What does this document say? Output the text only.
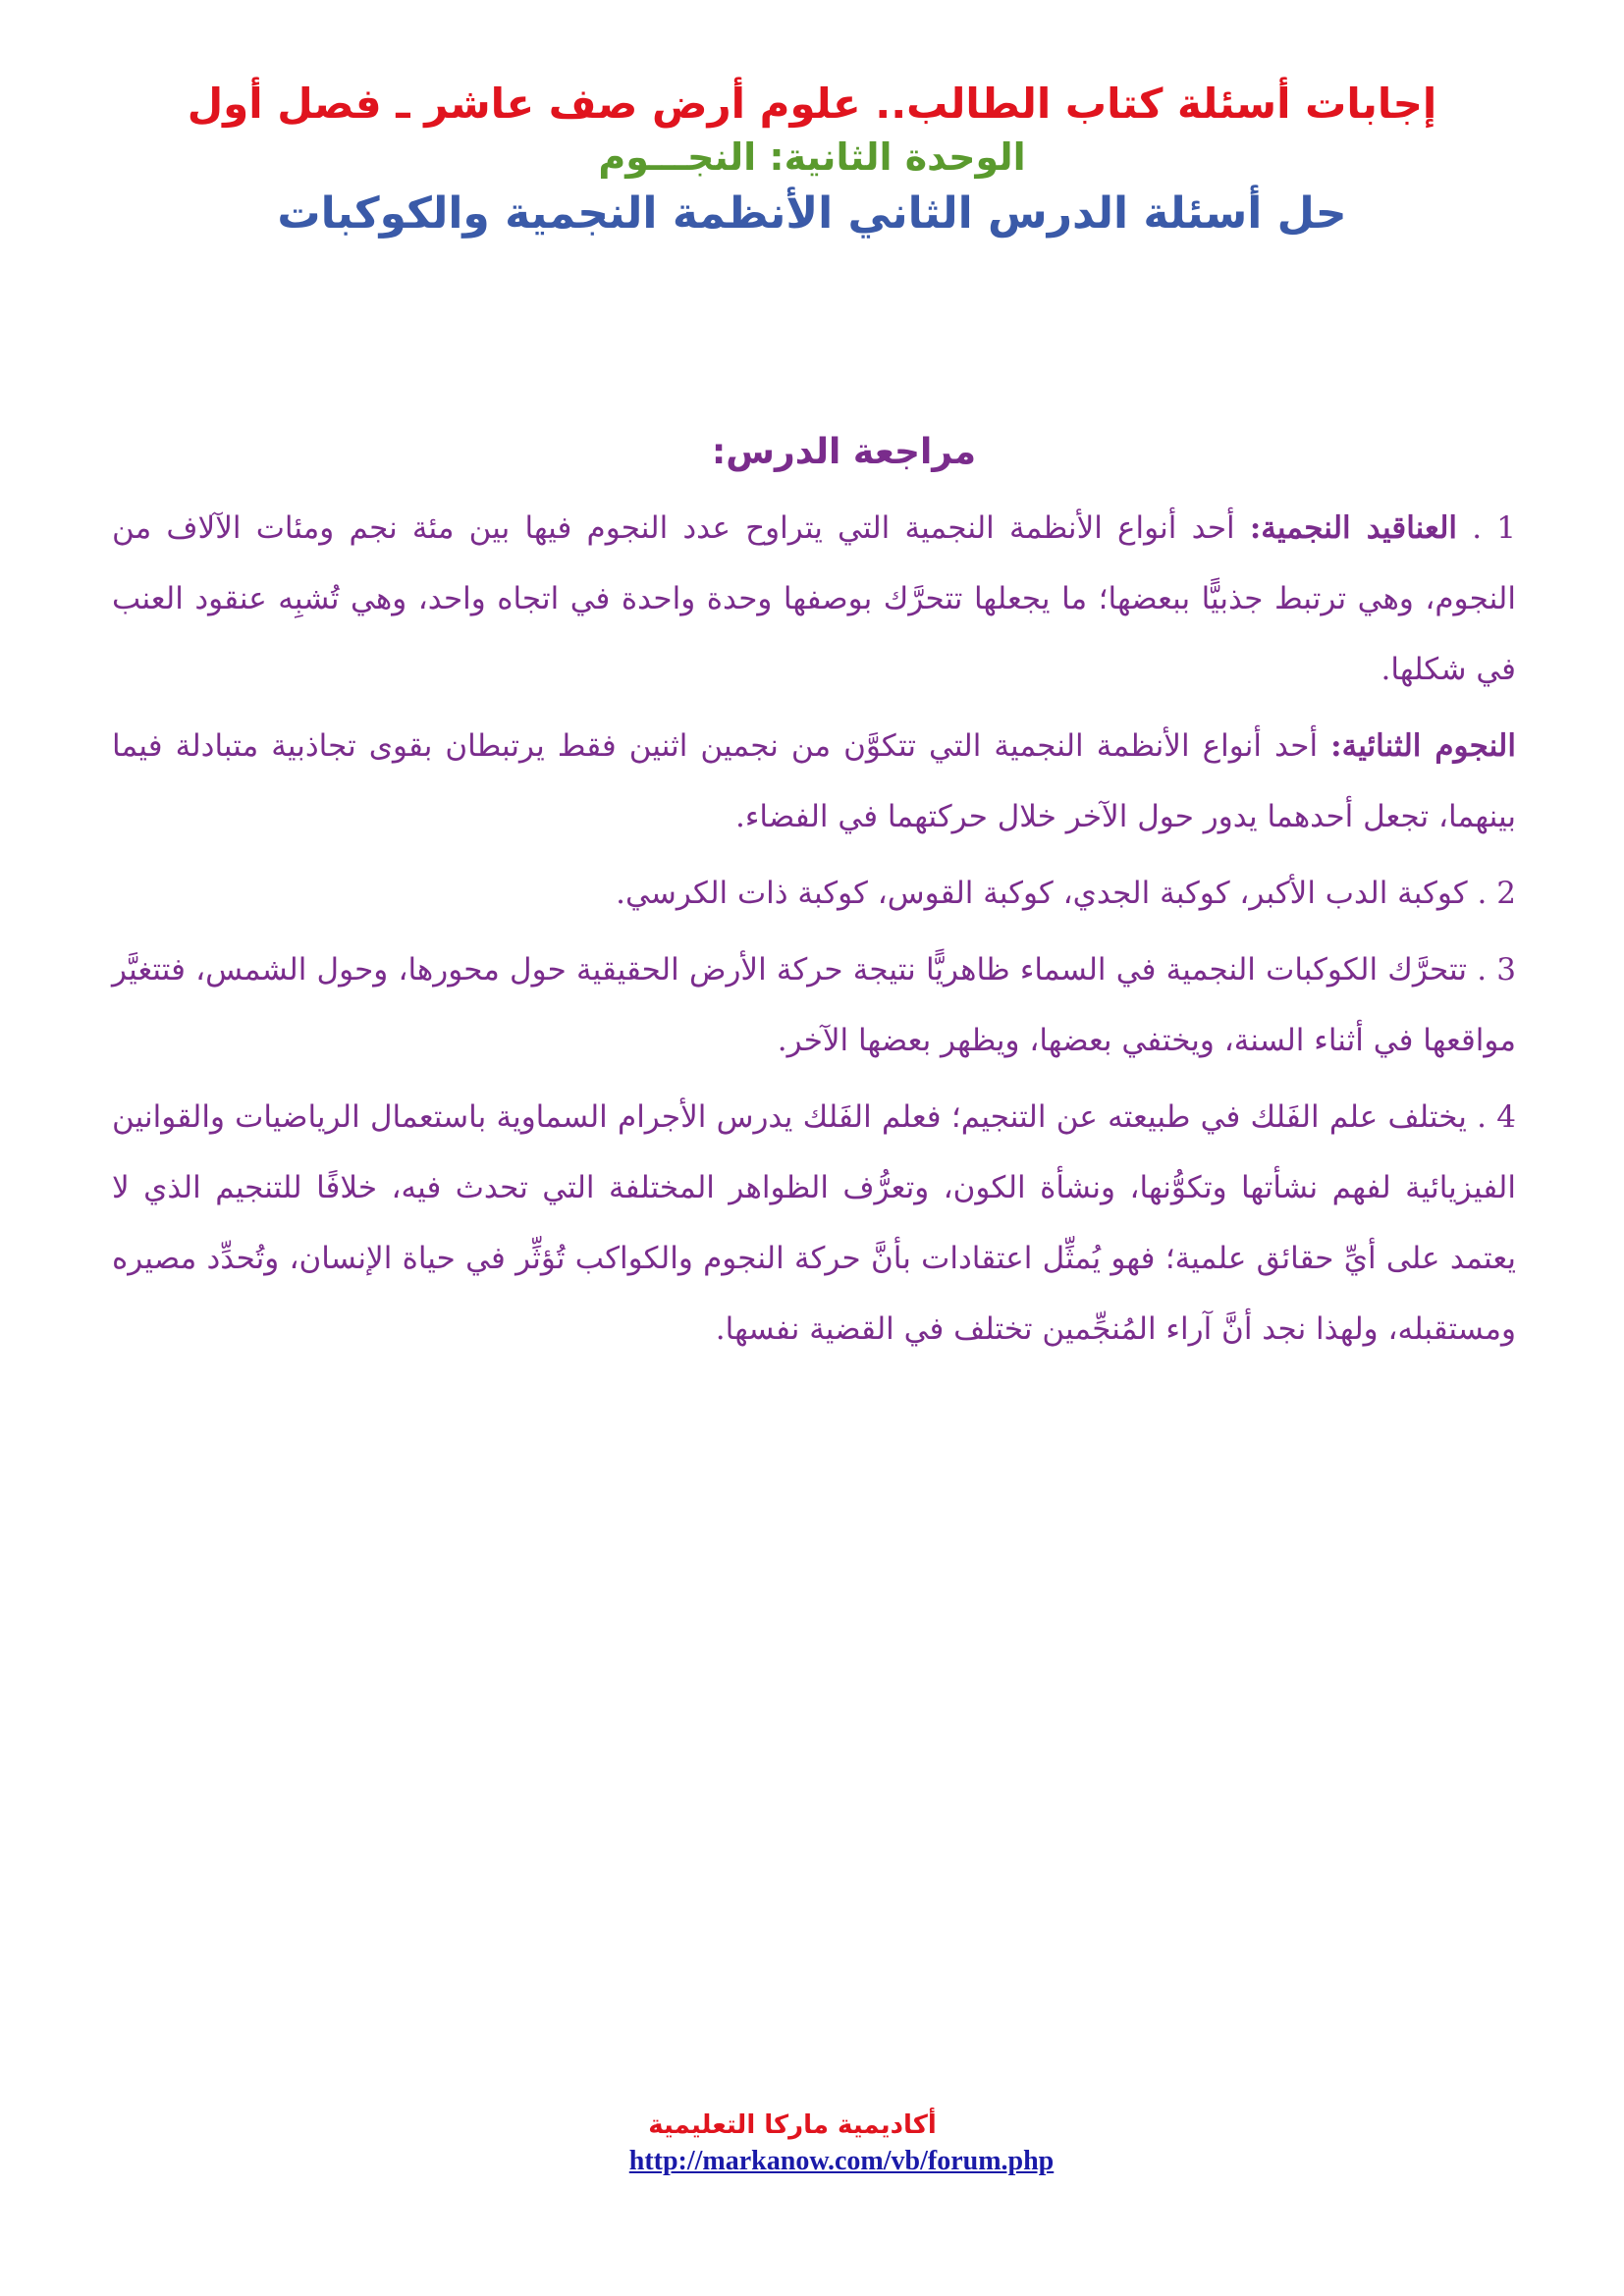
إجابات أسئلة كتاب الطالب.. علوم أرض صف عاشر ـ فصل أول

الوحدة الثانية: النجـــوم

حل أسئلة الدرس الثاني الأنظمة النجمية والكوكبات

مراجعة الدرس:

1 . العناقيد النجمية: أحد أنواع الأنظمة النجمية التي يتراوح عدد النجوم فيها بين مئة نجم ومئات الآلاف من النجوم، وهي ترتبط جذبيًّا ببعضها؛ ما يجعلها تتحرَّك بوصفها وحدة واحدة في اتجاه واحد، وهي تُشبِه عنقود العنب في شكلها.

النجوم الثنائية: أحد أنواع الأنظمة النجمية التي تتكوَّن من نجمين اثنين فقط يرتبطان بقوى تجاذبية متبادلة فيما بينهما، تجعل أحدهما يدور حول الآخر خلال حركتهما في الفضاء.

2 . كوكبة الدب الأكبر، كوكبة الجدي، كوكبة القوس، كوكبة ذات الكرسي.

3 . تتحرَّك الكوكبات النجمية في السماء ظاهريًّا نتيجة حركة الأرض الحقيقية حول محورها، وحول الشمس، فتتغيَّر مواقعها في أثناء السنة، ويختفي بعضها، ويظهر بعضها الآخر.

4 . يختلف علم الفَلك في طبيعته عن التنجيم؛ فعلم الفَلك يدرس الأجرام السماوية باستعمال الرياضيات والقوانين الفيزيائية لفهم نشأتها وتكوُّنها، ونشأة الكون، وتعرُّف الظواهر المختلفة التي تحدث فيه، خلافًا للتنجيم الذي لا يعتمد على أيِّ حقائق علمية؛ فهو يُمثِّل اعتقادات بأنَّ حركة النجوم والكواكب تُؤثِّر في حياة الإنسان، وتُحدِّد مصيره ومستقبله، ولهذا نجد أنَّ آراء المُنجِّمين تختلف في القضية نفسها.

أكاديمية ماركا التعليمية
http://markanow.com/vb/forum.php
